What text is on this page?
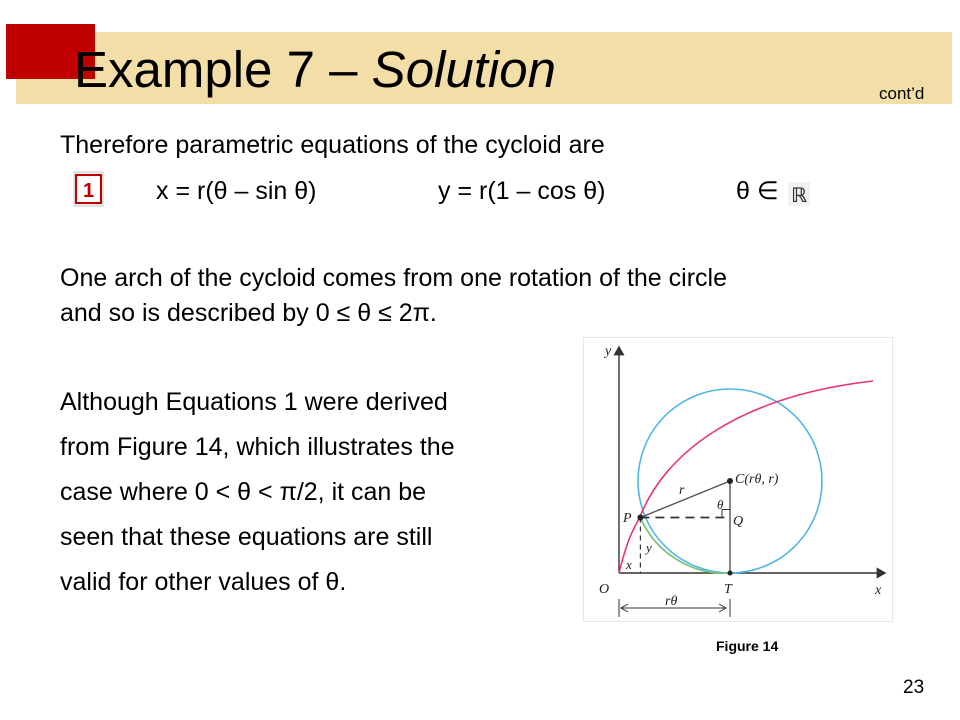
Example 7 – Solution	cont’d
Therefore parametric equations of the cycloid are
1 x = r(θ – sin θ)	y = r(1 – cos θ)	θ ∈ ℝ
One arch of the cycloid comes from one rotation of the circle
and so is described by 0 ≤ θ ≤ 2π.
Although Equations 1 were derived
from Figure 14, which illustrates the
case where 0 < θ < π/2, it can be
seen that these equations are still
valid for other values of θ.
y
x
O
C(rθ, r)
r
θ
P	Q
T
x
y
rθ
Figure 14
23
